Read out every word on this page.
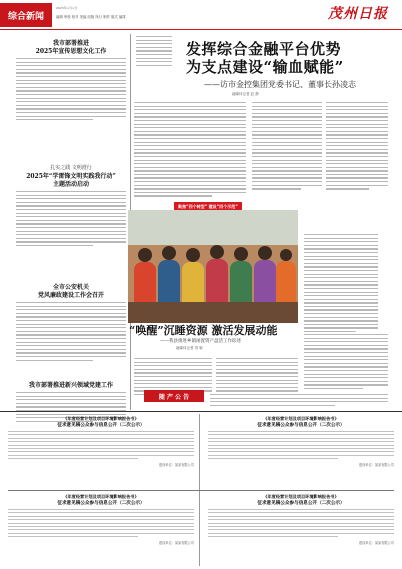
综合新闻
2023年×月×日
编辑 审校 校对 美编 组版 执行 制作 版式 编排	茂州日报
我市部署推进
2025年宣传思想文化工作
扎实之践 文明澄行
2025年“学雷锋文明实践我行动”
主题活动启动
全市公安机关
党风廉政建设工作会召开
我市部署推进新兴领域党建工作
发挥综合金融平台优势
为支点建设“输血赋能”
——访市金控集团党委书记、董事长孙凌志
融媒体记者 赵 静
聚焦“四个转型” 建设“四个示范”
“唤醒”沉睡资源 激活发展动能
——我县推进乡镇闲置资产盘活工作综述
融媒体记者 刘 敏
随 产 公 告
《年度经营计划及项目环境影响报告书》
征求意见稿公众参与信息公开（二次公示）
建设单位：某某有限公司
《年度经营计划及项目环境影响报告书》
征求意见稿公众参与信息公开（二次公示）
建设单位：某某有限公司
《年度经营计划及项目环境影响报告书》
征求意见稿公众参与信息公开（二次公示）
建设单位：某某有限公司
《年度经营计划及项目环境影响报告书》
征求意见稿公众参与信息公开（二次公示）
建设单位：某某有限公司
